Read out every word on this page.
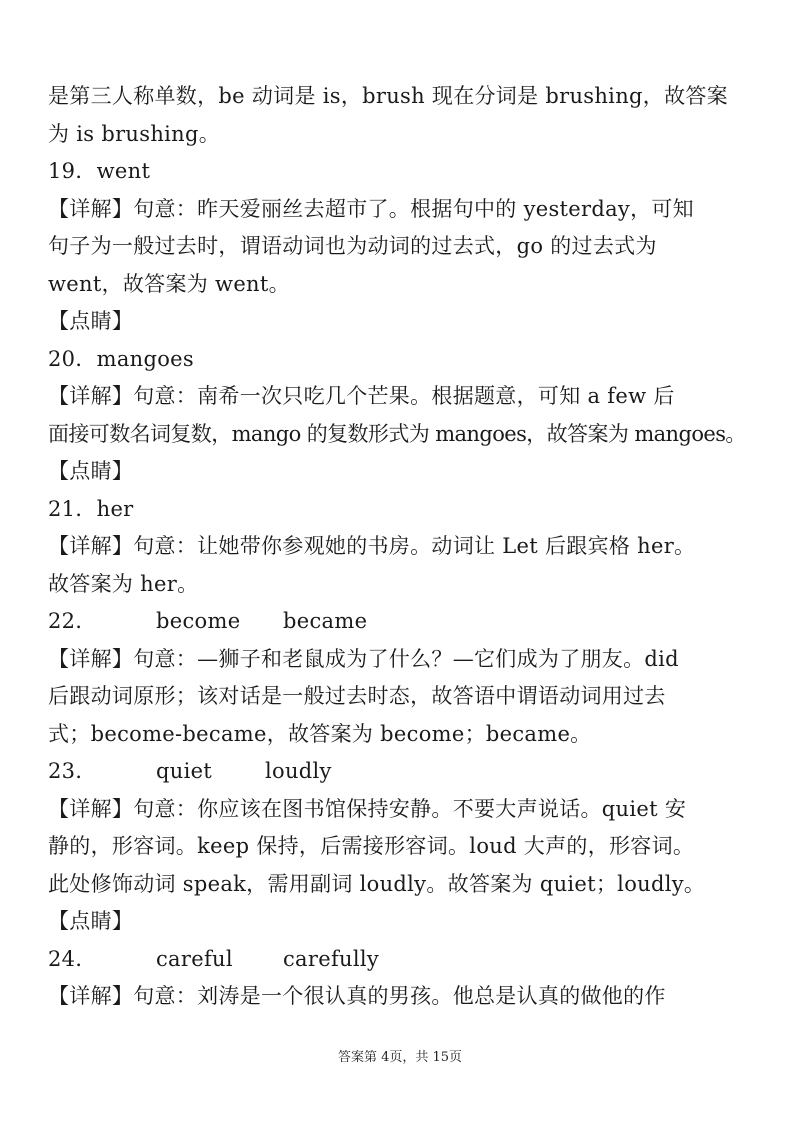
是第三人称单数，be 动词是 is，brush 现在分词是 brushing，故答案
为 is brushing。
19．went
【详解】句意：昨天爱丽丝去超市了。根据句中的 yesterday，可知
句子为一般过去时，谓语动词也为动词的过去式，go 的过去式为
went，故答案为 went。
【点睛】
20．mangoes
【详解】句意：南希一次只吃几个芒果。根据题意，可知 a few 后
面接可数名词复数，mango 的复数形式为 mangoes，故答案为 mangoes。
【点睛】
21．her
【详解】句意：让她带你参观她的书房。动词让 Let 后跟宾格 her。
故答案为 her。
22．	become became
【详解】句意：—狮子和老鼠成为了什么？—它们成为了朋友。did
后跟动词原形；该对话是一般过去时态，故答语中谓语动词用过去
式；become-became，故答案为 become；became。
23．	quiet	loudly
【详解】句意：你应该在图书馆保持安静。不要大声说话。quiet 安
静的，形容词。keep 保持，后需接形容词。loud 大声的，形容词。
此处修饰动词 speak，需用副词 loudly。故答案为 quiet；loudly。
【点睛】
24．	careful carefully
【详解】句意：刘涛是一个很认真的男孩。他总是认真的做他的作
答案第 4页，共 15页
